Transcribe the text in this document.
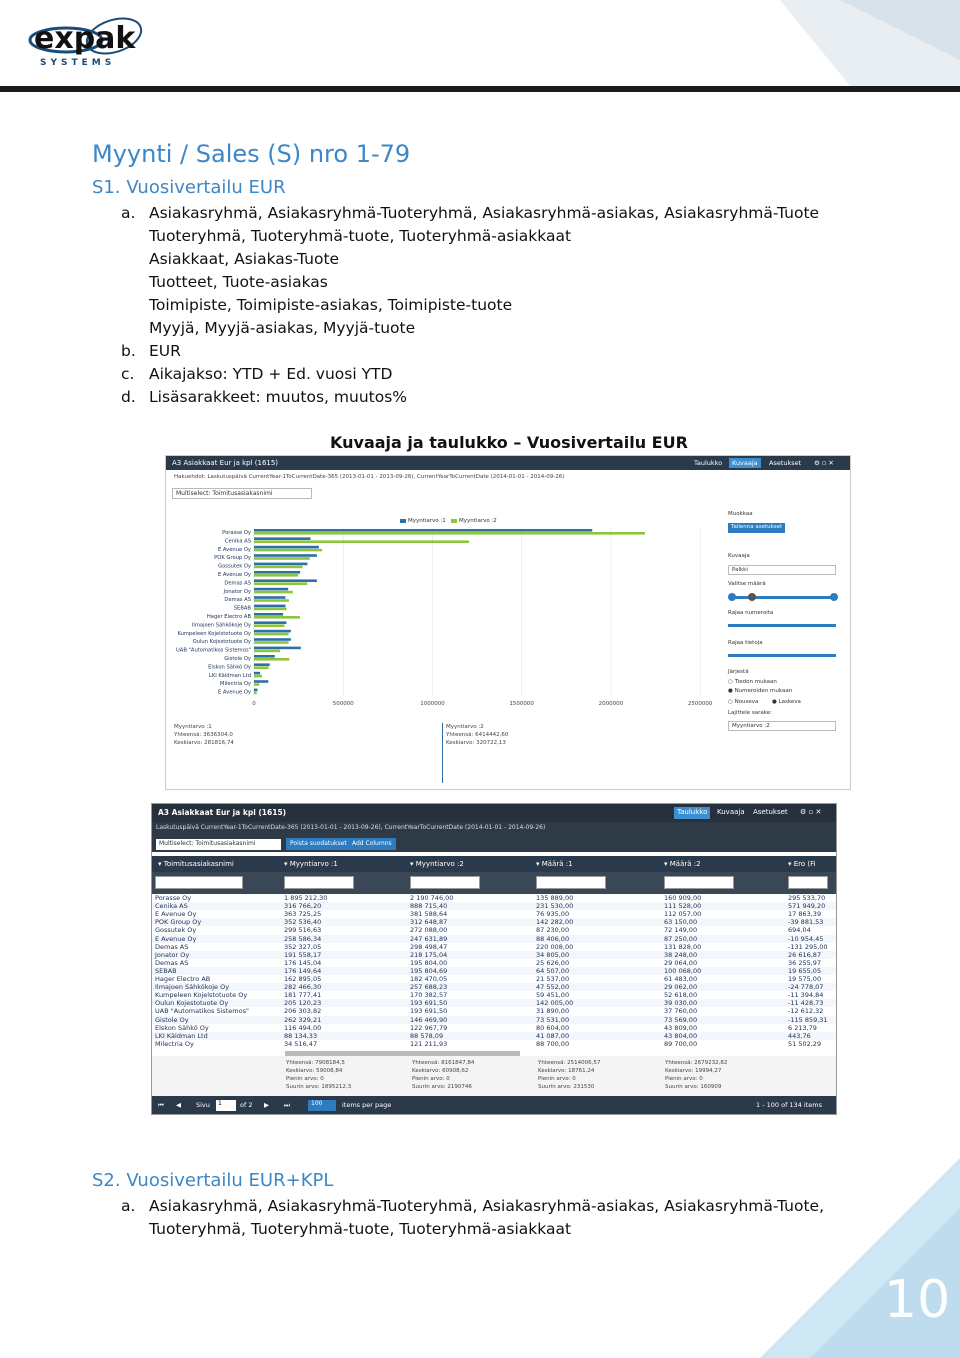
expak
SYSTEMS
Myynti / Sales (S) nro 1-79
S1. Vuosivertailu EUR
a. Asiakasryhmä, Asiakasryhmä-Tuoteryhmä, Asiakasryhmä-asiakas, Asiakasryhmä-Tuote
Tuoteryhmä, Tuoteryhmä-tuote, Tuoteryhmä-asiakkaat
Asiakkaat, Asiakas-Tuote
Tuotteet, Tuote-asiakas
Toimipiste, Toimipiste-asiakas, Toimipiste-tuote
Myyjä, Myyjä-asiakas, Myyjä-tuote
b. EUR
c. Aikajakso: YTD + Ed. vuosi YTD
d. Lisäsarakkeet: muutos, muutos%
Kuvaaja ja taulukko – Vuosivertailu EUR
A3 Asiakkaat Eur ja kpl (1615)	Taulukko	Kuvaaja	Asetukset	⚙ ▫ ✕
Hakuehdot: Laskutuspäivä CurrentYear-1ToCurrentDate-365 (2013-01-01 - 2013-09-26), CurrentYearToCurrentDate (2014-01-01 - 2014-09-26)
Multiselect: Toimitusasiakasnimi
Myyntiarvo :1 Myyntiarvo :2
0	500000	1000000	1500000	2000000	2500000
Porasse Oy
Cenika AS
E Avenue Oy
POK Group Oy
Gossutek Oy
E Avenue Oy
Demas AS
Jonator Oy
Demas AS
SEBAB
Hager Electro AB
Ilmajoen Sähkökoje Oy
Kumpeleen Kojelstotuote Oy
Oulun Kojestotuote Oy
UAB "Automatikos Sistemos"
Gistole Oy
Elskon Sähkö Oy
LKI Käldman Ltd
Milectria Oy
E Avenue Oy
Muokkaa
Tallenna asetukset
Kuvaaja
Palkki
Valitse määrä
Rajaa numeroita
Rajaa tietoja
Järjestä
○ Tiedon mukaan
● Numeroiden mukaan
○ Nouseva ● Laskeva
Lajittele sarake:
Myyntiarvo :2
Myyntiarvo :1
Yhteensä: 3636304,0
Keskiarvo: 281816,74
Myyntiarvo :2
Yhteensä: 6414442,60
Keskiarvo: 320722,13
A3 Asiakkaat Eur ja kpl (1615)	Taulukko	Kuvaaja	Asetukset	⚙ ▫ ✕
Laskutuspäivä CurrentYear-1ToCurrentDate-365 (2013-01-01 - 2013-09-26), CurrentYearToCurrentDate (2014-01-01 - 2014-09-26)
Multiselect: Toimitusasiakasnimi	Poista suodatukset Add Columns
▾ Toimitusasiakasnimi	▾ Myyntiarvo :1	▾ Myyntiarvo :2	▾ Määrä :1	▾ Määrä :2	▾ Ero (Fi
Porasse Oy	1 895 212,30	2 190 746,00	135 889,00	160 909,00	295 533,70
Cenika AS	316 766,20	888 715,40	231 530,00	111 528,00	571 949,20
E Avenue Oy	363 725,25	381 588,64	76 935,00	112 057,00	17 863,39
POK Group Oy	352 536,40	312 648,87	142 282,00	63 150,00	-39 881,53
Gossutek Oy	299 516,63	272 088,00	87 230,00	72 149,00	694,04
E Avenue Oy	258 586,34	247 631,89	88 406,00	87 250,00	-10 954,45
Demas AS	352 327,05	298 498,47	220 008,00	131 828,00	-131 295,00
Jonator Oy	191 558,17	218 175,04	34 805,00	38 248,00	26 616,87
Demas AS	176 145,04	195 804,00	25 626,00	29 064,00	36 255,97
SEBAB	176 149,64	195 804,69	64 507,00	100 068,00	19 655,05
Hager Electro AB	162 895,05	182 470,05	21 537,00	61 483,00	19 575,00
Ilmajoen Sähkökoje Oy	282 466,30	257 688,23	47 552,00	29 062,00	-24 778,07
Kumpeleen Kojelstotuote Oy	181 777,41	170 382,57	59 451,00	52 618,00	-11 394,84
Oulun Kojestotuote Oy	205 120,23	193 691,50	142 005,00	39 030,00	-11 428,73
UAB "Automatikos Sistemos"	206 303,82	193 691,50	31 890,00	37 760,00	-12 612,32
Gistole Oy	262 329,21	146 469,90	73 531,00	73 569,00	-115 859,31
Elskon Sähkö Oy	116 494,00	122 967,79	80 604,00	43 809,00	6 213,79
LKI Käldman Ltd	88 134,33	88 578,09	41 087,00	43 804,00	443,76
Milectria Oy	34 516,47	121 211,93	88 700,00	89 700,00	51 502,29
Yhteensä: 7908184,5
Keskiarvo: 59008,84
Pienin arvo: 0
Suurin arvo: 1895212,3
Yhteensä: 8161847,84
Keskiarvo: 60908,62
Pienin arvo: 0
Suurin arvo: 2190746
Yhteensä: 2514006,57
Keskiarvo: 18761,24
Pienin arvo: 0
Suurin arvo: 231530
Yhteensä: 2679232,82
Keskiarvo: 19994,27
Pienin arvo: 0
Suurin arvo: 160909
⏮ ◀ Sivu	1	of 2 ▶ ⏭	100	items per page	1 - 100 of 134 items
S2. Vuosivertailu EUR+KPL
a. Asiakasryhmä, Asiakasryhmä-Tuoteryhmä, Asiakasryhmä-asiakas, Asiakasryhmä-Tuote,
Tuoteryhmä, Tuoteryhmä-tuote, Tuoteryhmä-asiakkaat
10
